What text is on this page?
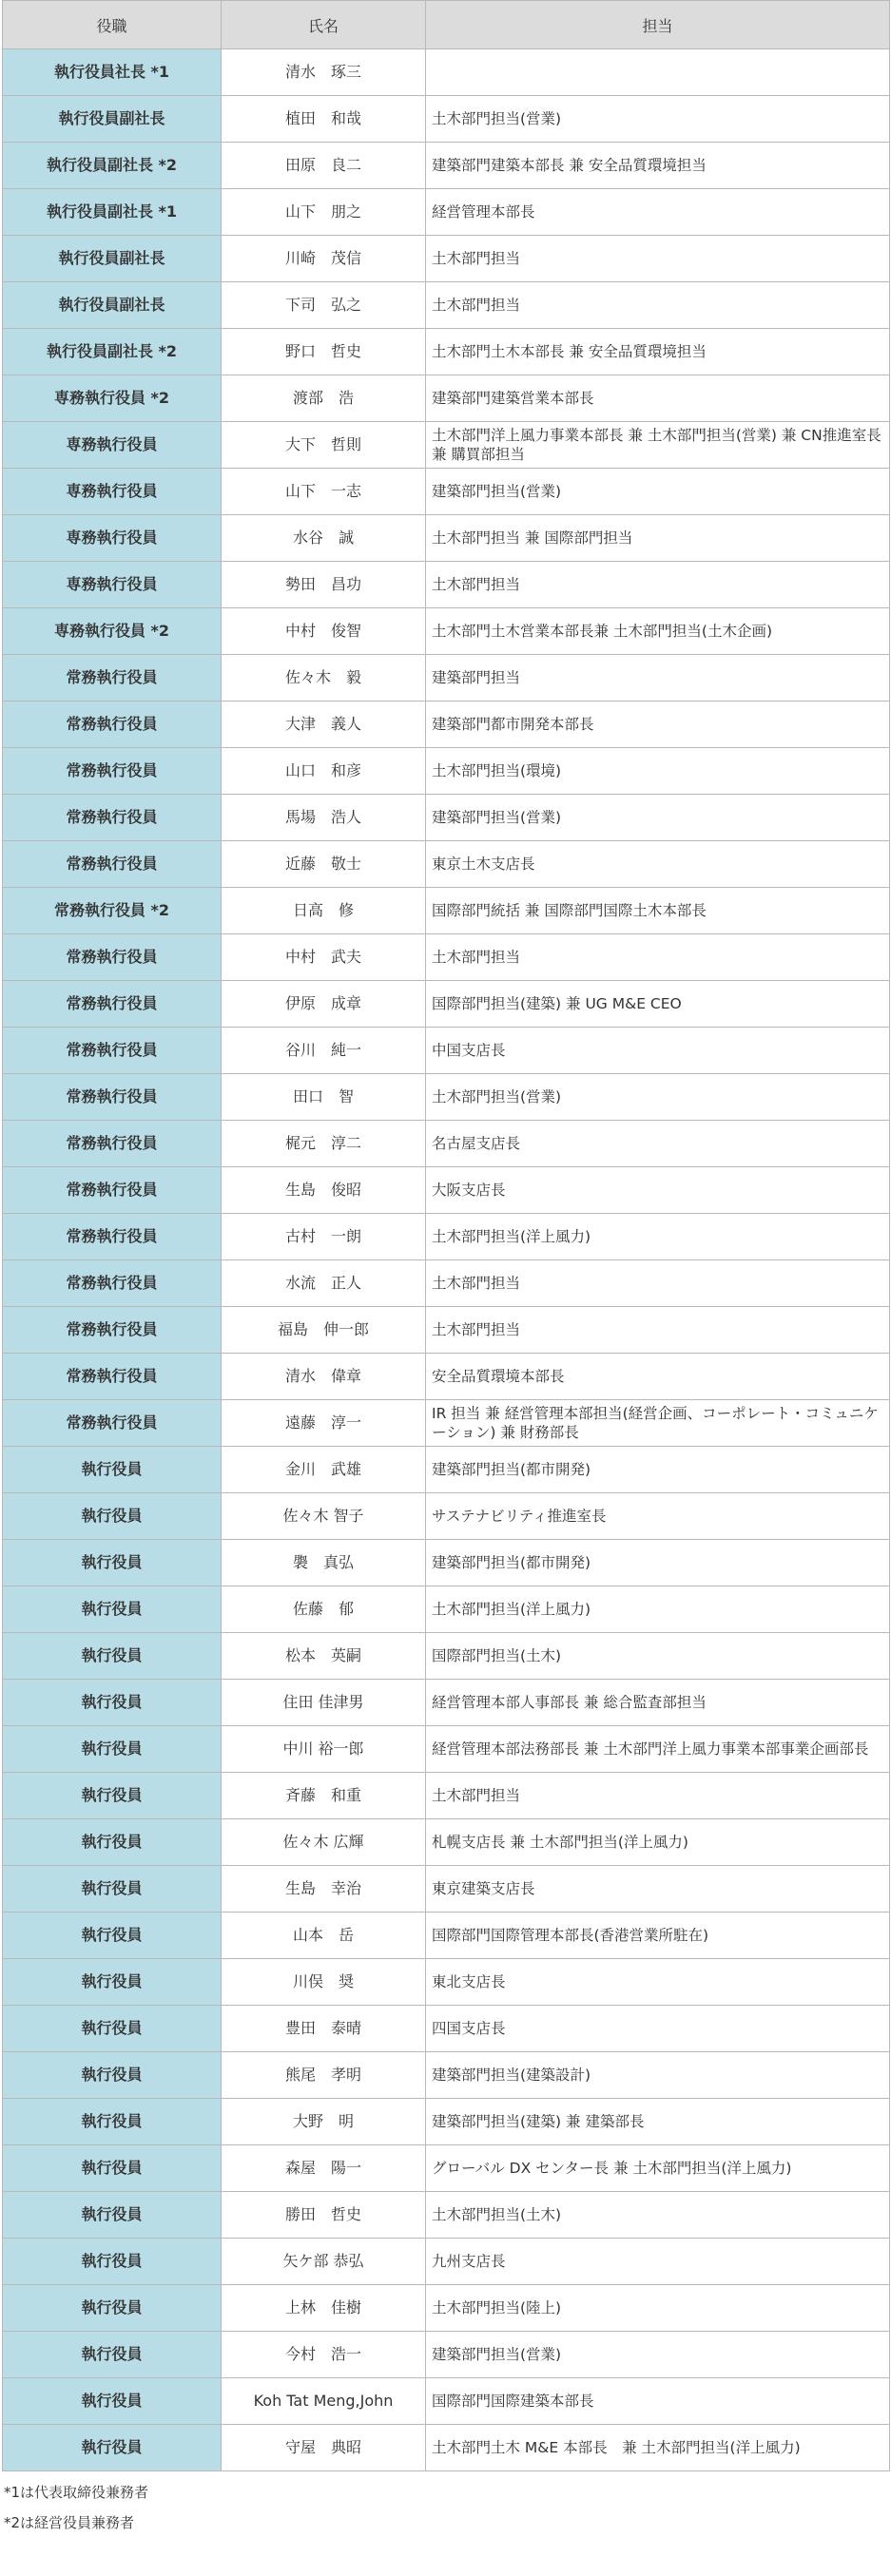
役職	氏名	担当
執行役員社長 *1	清水　琢三	
執行役員副社長	植田　和哉	土木部門担当(営業)
執行役員副社長 *2	田原　良二	建築部門建築本部長 兼 安全品質環境担当
執行役員副社長 *1	山下　朋之	経営管理本部長
執行役員副社長	川崎　茂信	土木部門担当
執行役員副社長	下司　弘之	土木部門担当
執行役員副社長 *2	野口　哲史	土木部門土木本部長 兼 安全品質環境担当
専務執行役員 *2	渡部　浩	建築部門建築営業本部長
専務執行役員	大下　哲則	土木部門洋上風力事業本部長 兼 土木部門担当(営業) 兼 CN推進室長 兼 購買部担当
専務執行役員	山下　一志	建築部門担当(営業)
専務執行役員	水谷　誠	土木部門担当 兼 国際部門担当
専務執行役員	勢田　昌功	土木部門担当
専務執行役員 *2	中村　俊智	土木部門土木営業本部長兼 土木部門担当(土木企画)
常務執行役員	佐々木　毅	建築部門担当
常務執行役員	大津　義人	建築部門都市開発本部長
常務執行役員	山口　和彦	土木部門担当(環境)
常務執行役員	馬場　浩人	建築部門担当(営業)
常務執行役員	近藤　敬士	東京土木支店長
常務執行役員 *2	日高　修	国際部門統括 兼 国際部門国際土木本部長
常務執行役員	中村　武夫	土木部門担当
常務執行役員	伊原　成章	国際部門担当(建築) 兼 UG M&E CEO
常務執行役員	谷川　純一	中国支店長
常務執行役員	田口　智	土木部門担当(営業)
常務執行役員	梶元　淳二	名古屋支店長
常務執行役員	生島　俊昭	大阪支店長
常務執行役員	古村　一朗	土木部門担当(洋上風力)
常務執行役員	水流　正人	土木部門担当
常務執行役員	福島　伸一郎	土木部門担当
常務執行役員	清水　偉章	安全品質環境本部長
常務執行役員	遠藤　淳一	IR 担当 兼 経営管理本部担当(経営企画、コーポレート・コミュニケーション) 兼 財務部長
執行役員	金川　武雄	建築部門担当(都市開発)
執行役員	佐々木 智子	サステナビリティ推進室長
執行役員	褜　真弘	建築部門担当(都市開発)
執行役員	佐藤　郁	土木部門担当(洋上風力)
執行役員	松本　英嗣	国際部門担当(土木)
執行役員	住田 佳津男	経営管理本部人事部長 兼 総合監査部担当
執行役員	中川 裕一郎	経営管理本部法務部長 兼 土木部門洋上風力事業本部事業企画部長
執行役員	斉藤　和重	土木部門担当
執行役員	佐々木 広輝	札幌支店長 兼 土木部門担当(洋上風力)
執行役員	生島　幸治	東京建築支店長
執行役員	山本　岳	国際部門国際管理本部長(香港営業所駐在)
執行役員	川俣　奨	東北支店長
執行役員	豊田　泰晴	四国支店長
執行役員	熊尾　孝明	建築部門担当(建築設計)
執行役員	大野　明	建築部門担当(建築) 兼 建築部長
執行役員	森屋　陽一	グローバル DX センター長 兼 土木部門担当(洋上風力)
執行役員	勝田　哲史	土木部門担当(土木)
執行役員	矢ケ部 恭弘	九州支店長
執行役員	上林　佳樹	土木部門担当(陸上)
執行役員	今村　浩一	建築部門担当(営業)
執行役員	Koh Tat Meng,John	国際部門国際建築本部長
執行役員	守屋　典昭	土木部門土木 M&E 本部長　兼 土木部門担当(洋上風力)
*1は代表取締役兼務者
*2は経営役員兼務者
